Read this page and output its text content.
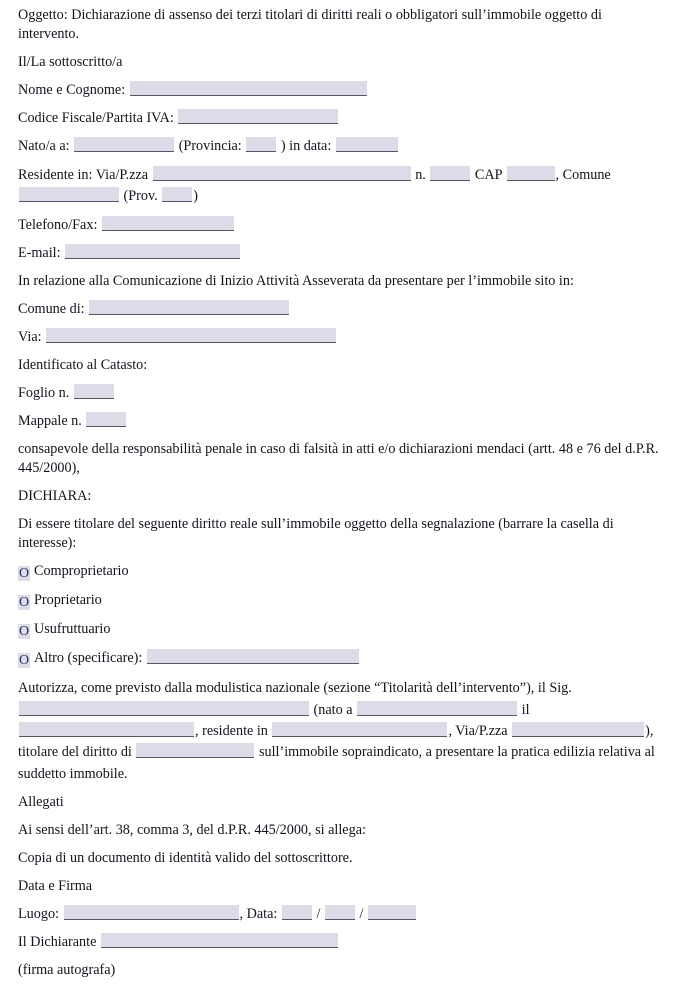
Oggetto: Dichiarazione di assenso dei terzi titolari di diritti reali o obbligatori sull’immobile oggetto di intervento.

Il/La sottoscritto/a

Nome e Cognome:

Codice Fiscale/Partita IVA:

Nato/a a:	(Provincia:	) in data:

Residente in: Via/P.zza	n.	CAP	, Comune  (Prov.	)

Telefono/Fax:

E-mail:

In relazione alla Comunicazione di Inizio Attività Asseverata da presentare per l’immobile sito in:

Comune di:

Via:

Identificato al Catasto:

Foglio n.

Mappale n.

consapevole della responsabilità penale in caso di falsità in atti e/o dichiarazioni mendaci (artt. 48 e 76 del d.P.R. 445/2000),

DICHIARA:

Di essere titolare del seguente diritto reale sull’immobile oggetto della segnalazione (barrare la casella di interesse):

O Comproprietario

O Proprietario

O Usufruttuario

O Altro (specificare):

Autorizza, come previsto dalla modulistica nazionale (sezione “Titolarità dell’intervento”), il Sig.  (nato a	il , residente in	, Via/P.zza	), titolare del diritto di	sull’immobile sopraindicato, a presentare la pratica edilizia relativa al suddetto immobile.

Allegati

Ai sensi dell’art. 38, comma 3, del d.P.R. 445/2000, si allega:

Copia di un documento di identità valido del sottoscrittore.

Data e Firma

Luogo:	, Data:	/	/

Il Dichiarante

(firma autografa)
